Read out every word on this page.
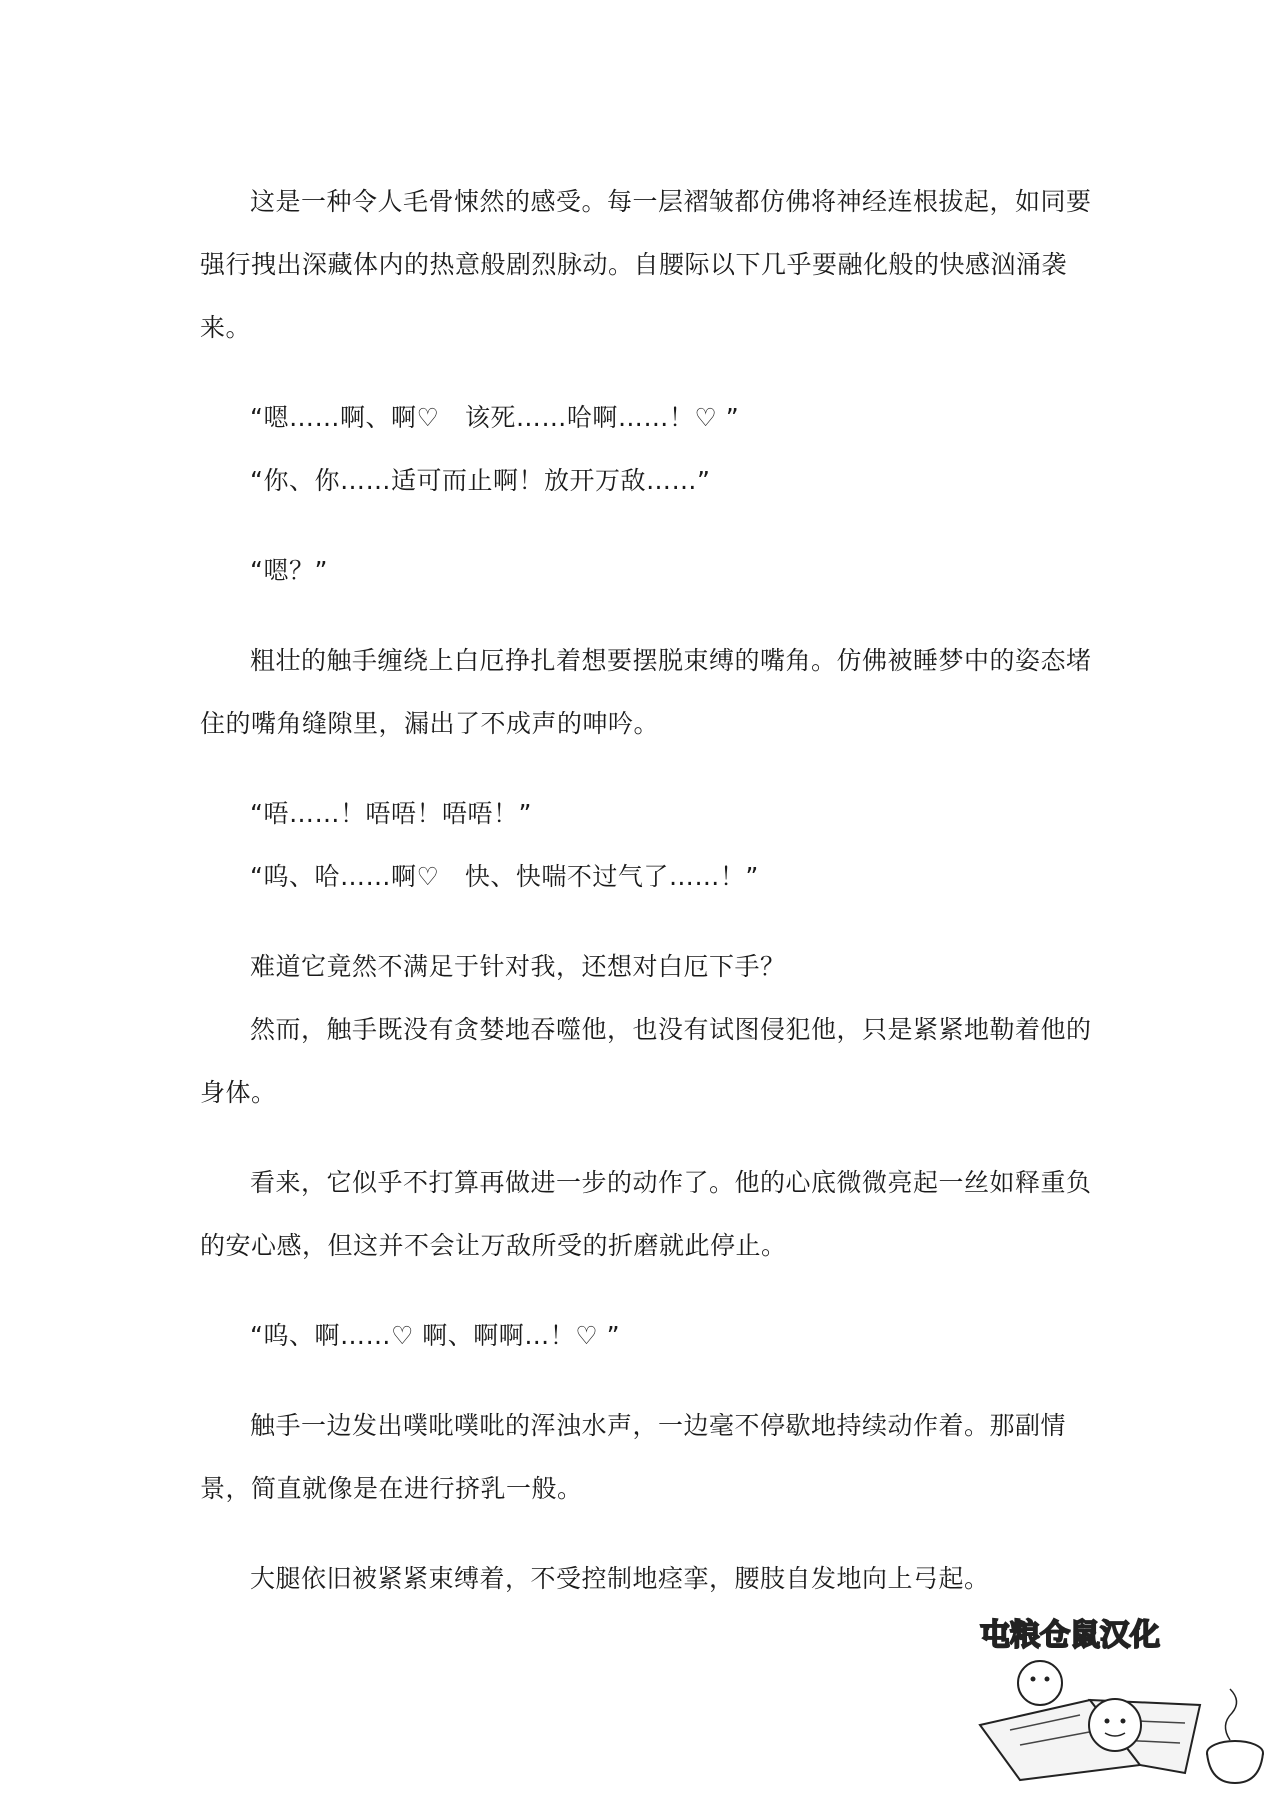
这是一种令人毛骨悚然的感受。每一层褶皱都仿佛将神经连根拔起，如同要强行拽出深藏体内的热意般剧烈脉动。自腰际以下几乎要融化般的快感汹涌袭来。

“嗯……啊、啊♡　该死……哈啊……！♡ ”

“你、你……适可而止啊！放开万敌……”

“嗯？”

粗壮的触手缠绕上白厄挣扎着想要摆脱束缚的嘴角。仿佛被睡梦中的姿态堵住的嘴角缝隙里，漏出了不成声的呻吟。

“唔……！唔唔！唔唔！”

“呜、哈……啊♡　快、快喘不过气了……！”

难道它竟然不满足于针对我，还想对白厄下手？

然而，触手既没有贪婪地吞噬他，也没有试图侵犯他，只是紧紧地勒着他的身体。

看来，它似乎不打算再做进一步的动作了。他的心底微微亮起一丝如释重负的安心感，但这并不会让万敌所受的折磨就此停止。

“呜、啊……♡ 啊、啊啊…！♡ ”

触手一边发出噗吡噗吡的浑浊水声，一边毫不停歇地持续动作着。那副情景，简直就像是在进行挤乳一般。

大腿依旧被紧紧束缚着，不受控制地痉挛，腰肢自发地向上弓起。

屯粮仓鼠汉化
